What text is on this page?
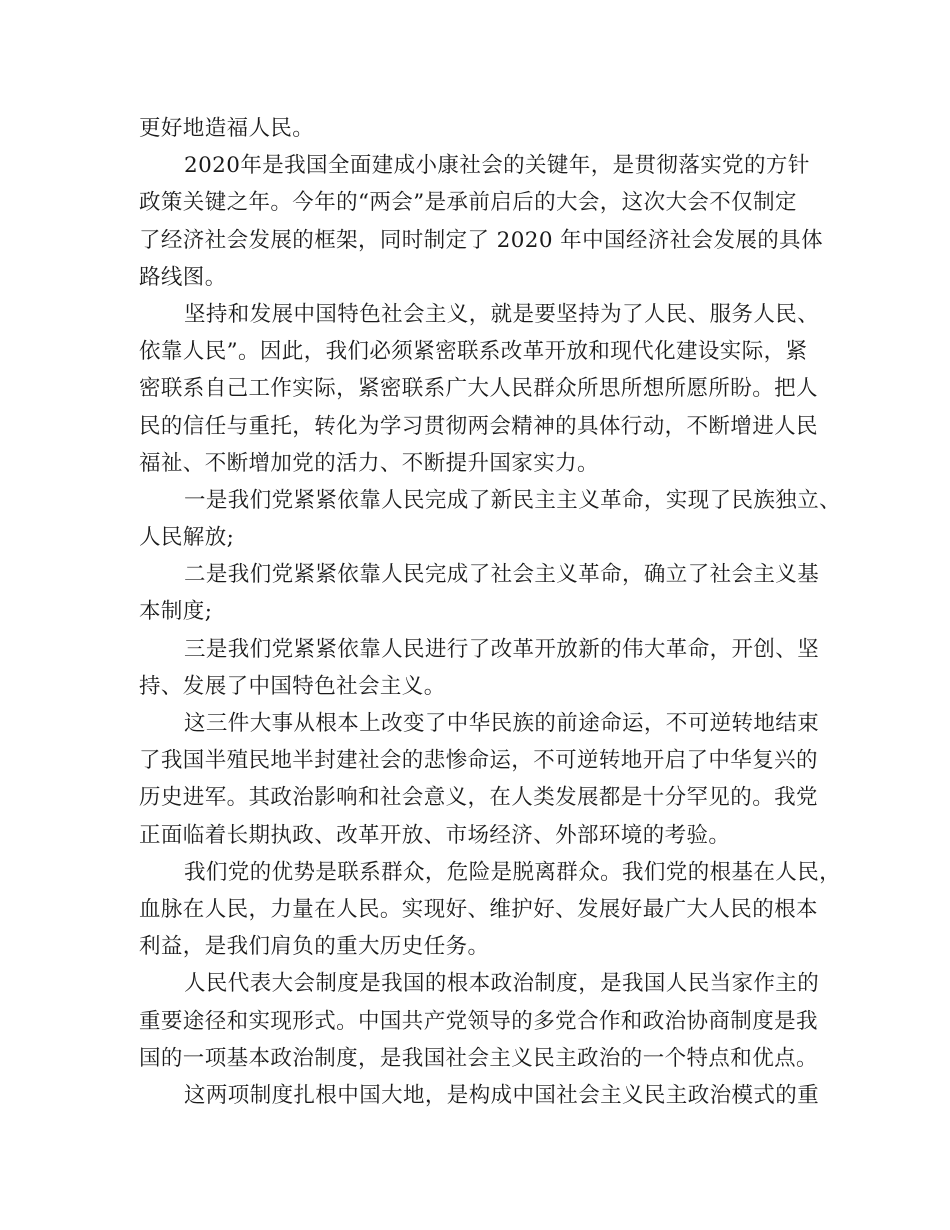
更好地造福人民。
2020年是我国全面建成小康社会的关键年，是贯彻落实党的方针
政策关键之年。今年的“两会”是承前启后的大会，这次大会不仅制定
了经济社会发展的框架，同时制定了 2020 年中国经济社会发展的具体
路线图。
坚持和发展中国特色社会主义，就是要坚持为了人民、服务人民、
依靠人民”。因此，我们必须紧密联系改革开放和现代化建设实际，紧
密联系自己工作实际，紧密联系广大人民群众所思所想所愿所盼。把人
民的信任与重托，转化为学习贯彻两会精神的具体行动，不断增进人民
福祉、不断增加党的活力、不断提升国家实力。
一是我们党紧紧依靠人民完成了新民主主义革命，实现了民族独立、
人民解放;
二是我们党紧紧依靠人民完成了社会主义革命，确立了社会主义基
本制度;
三是我们党紧紧依靠人民进行了改革开放新的伟大革命，开创、坚
持、发展了中国特色社会主义。
这三件大事从根本上改变了中华民族的前途命运，不可逆转地结束
了我国半殖民地半封建社会的悲惨命运，不可逆转地开启了中华复兴的
历史进军。其政治影响和社会意义，在人类发展都是十分罕见的。我党
正面临着长期执政、改革开放、市场经济、外部环境的考验。
我们党的优势是联系群众，危险是脱离群众。我们党的根基在人民，
血脉在人民，力量在人民。实现好、维护好、发展好最广大人民的根本
利益，是我们肩负的重大历史任务。
人民代表大会制度是我国的根本政治制度，是我国人民当家作主的
重要途径和实现形式。中国共产党领导的多党合作和政治协商制度是我
国的一项基本政治制度，是我国社会主义民主政治的一个特点和优点。
这两项制度扎根中国大地，是构成中国社会主义民主政治模式的重
